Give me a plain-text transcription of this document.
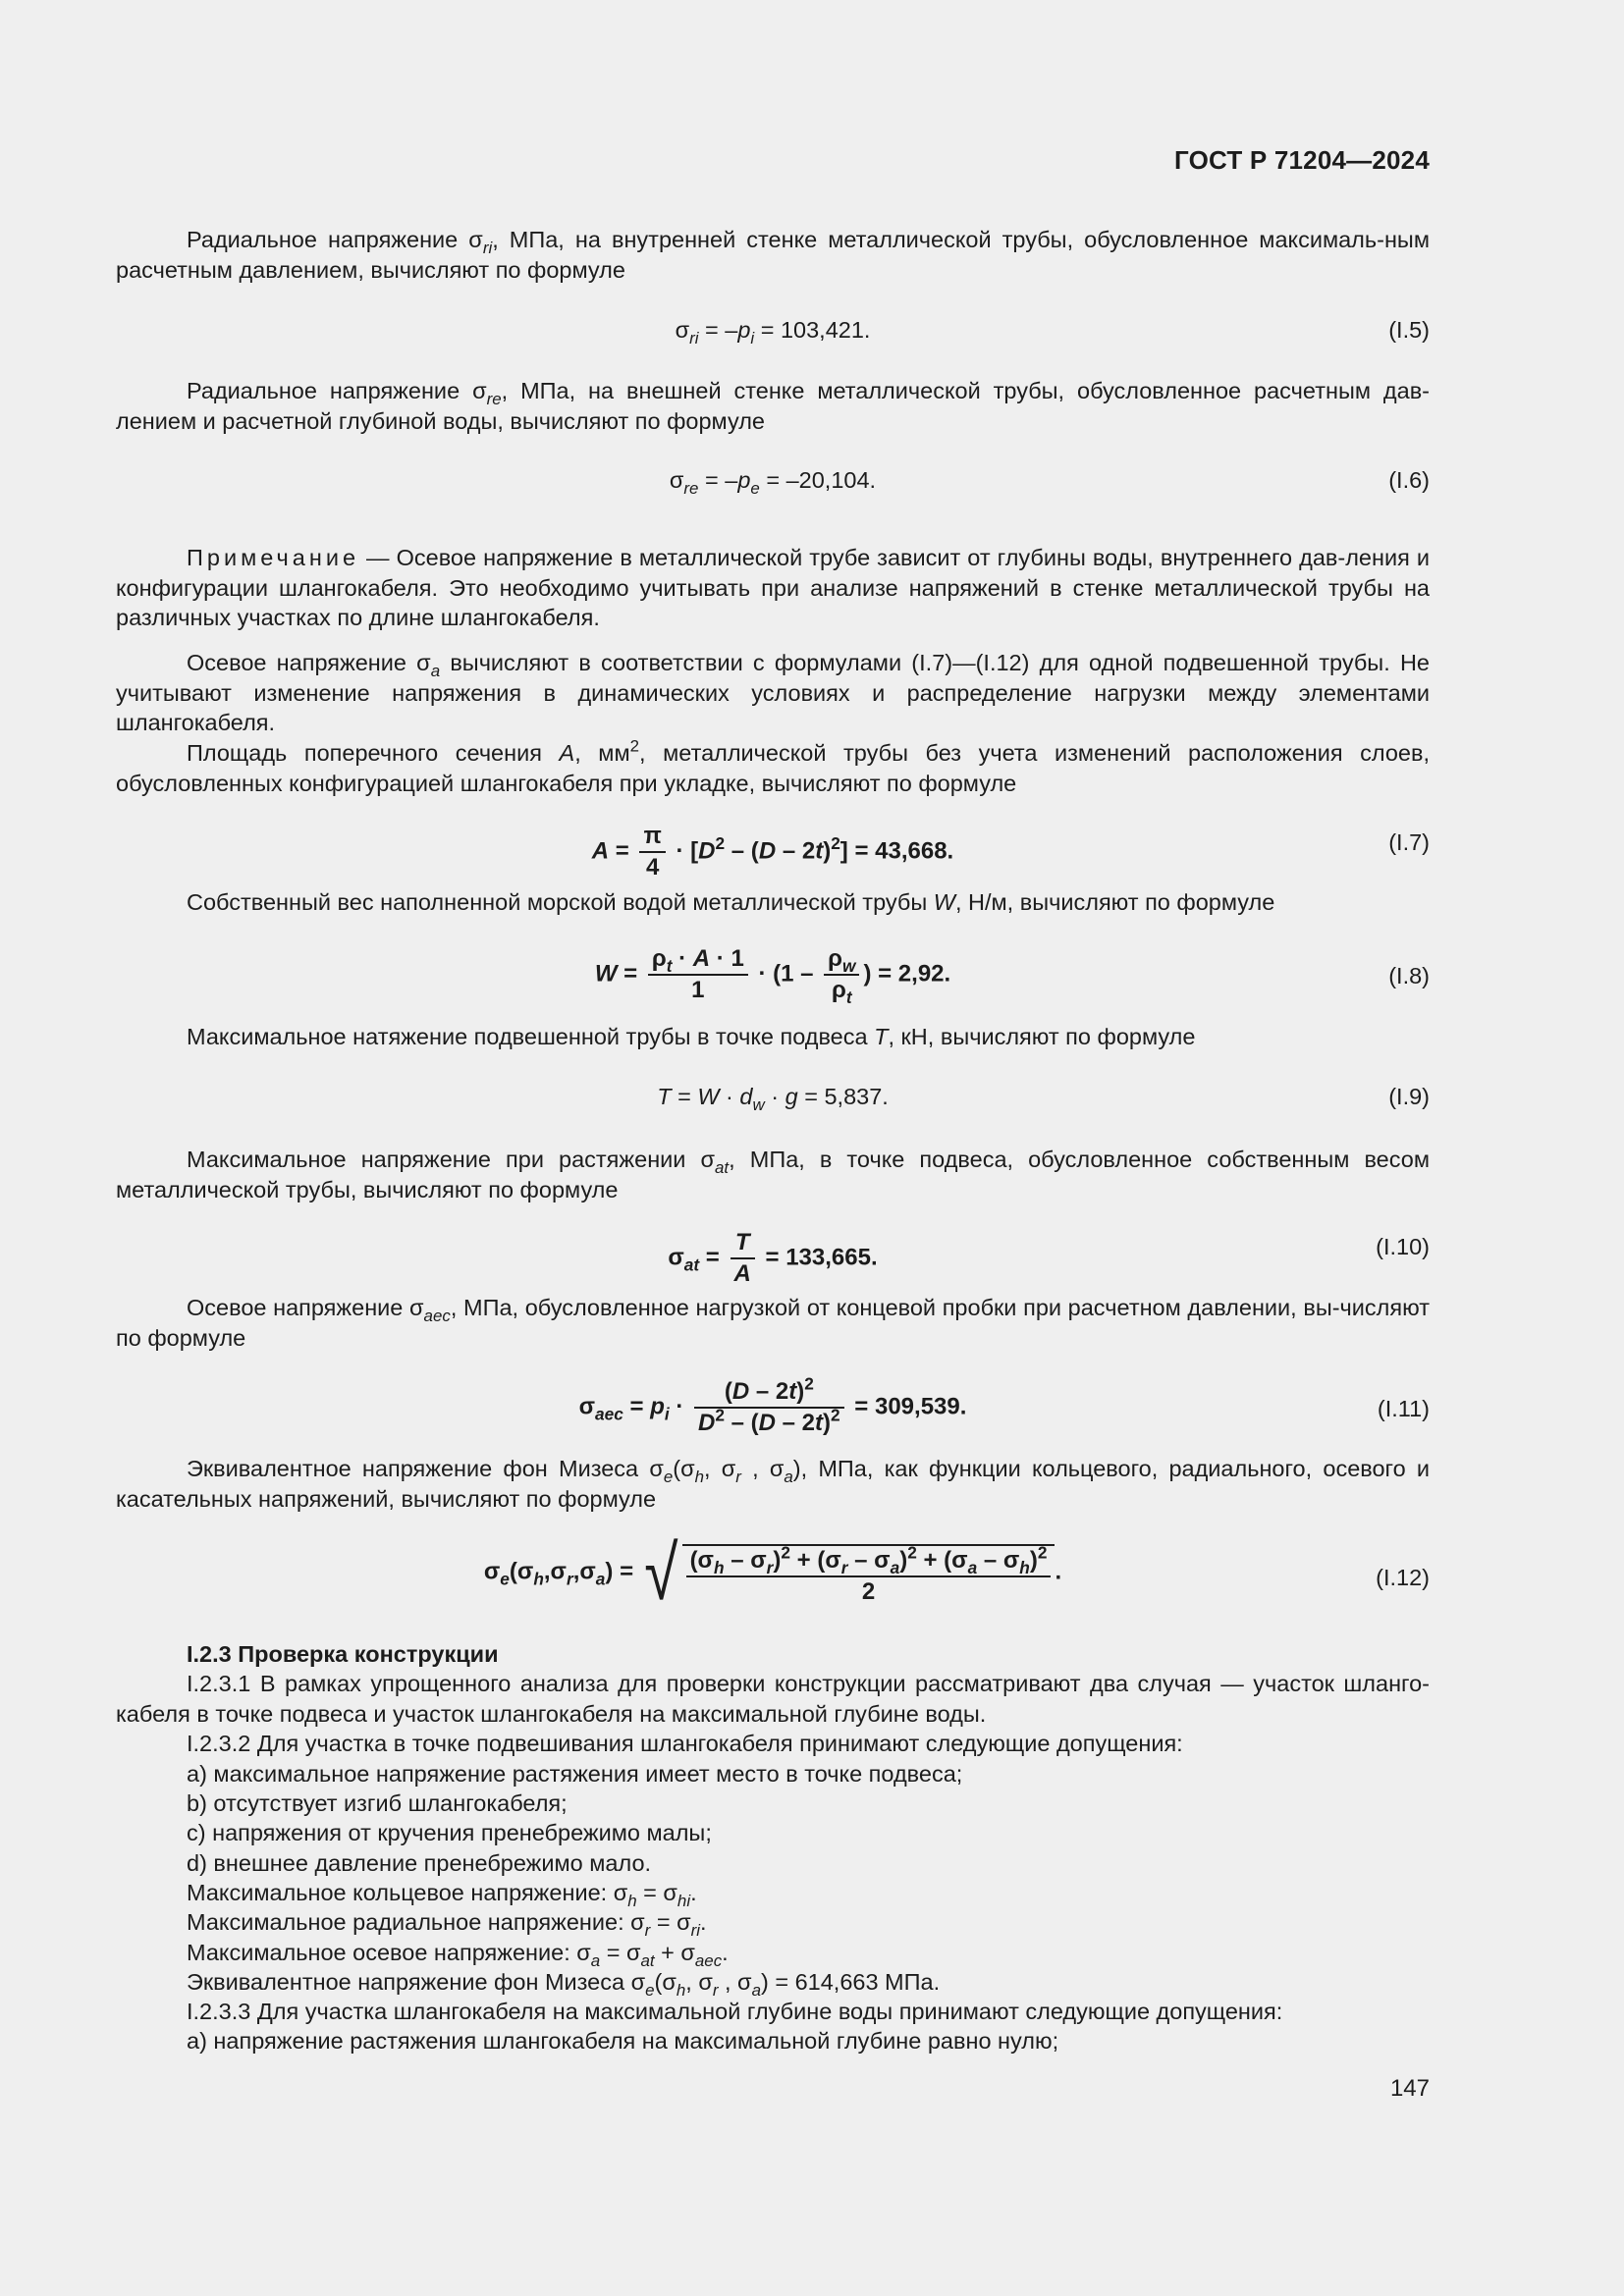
ГОСТ Р 71204—2024
Радиальное напряжение $\sigma_{ri}$, МПа, на внутренней стенке металлической трубы, обусловленное максималь-ным расчетным давлением, вычисляют по формуле
$\sigma_{ri} = -p_i = 103,421$.	(I.5)
Радиальное напряжение $\sigma_{re}$, МПа, на внешней стенке металлической трубы, обусловленное расчетным дав-лением и расчетной глубиной воды, вычисляют по формуле
$\sigma_{re} = -p_e = -20,104$.	(I.6)
Примечание — Осевое напряжение в металлической трубе зависит от глубины воды, внутреннего дав-ления и конфигурации шлангокабеля. Это необходимо учитывать при анализе напряжений в стенке металлической трубы на различных участках по длине шлангокабеля.
Осевое напряжение $\sigma_a$ вычисляют в соответствии с формулами (I.7)—(I.12) для одной подвешенной трубы. Не учитывают изменение напряжения в динамических условиях и распределение нагрузки между элементами шлангокабеля.
Площадь поперечного сечения A, $мм^2$, металлической трубы без учета изменений расположения слоев, обусловленных конфигурацией шлангокабеля при укладке, вычисляют по формуле
$A = \frac{\pi}{4} \cdot [D^2 - (D - 2t)^2] = 43,668$.	(I.7)
Собственный вес наполненной морской водой металлической трубы W, Н/м, вычисляют по формуле
$W = \frac{\rho_t \cdot A \cdot 1}{1} \cdot (1 - \frac{\rho_w}{\rho_t}$ ) = 2,92.	(I.8)
Максимальное натяжение подвешенной трубы в точке подвеса T, кН, вычисляют по формуле
$T = W \cdot d_w \cdot g = 5,837$.	(I.9)
Максимальное напряжение при растяжении $\sigma_{at}$, МПа, в точке подвеса, обусловленное собственным весом металлической трубы, вычисляют по формуле
$\sigma_{at} = \frac{T}{A} = 133,665$.	(I.10)
Осевое напряжение $\sigma_{aec}$, МПа, обусловленное нагрузкой от концевой пробки при расчетном давлении, вы-числяют по формуле
$\sigma_{aec} = p_i \cdot \frac{(D - 2t)^2}{D^2 - (D - 2t)^2} = 309,539$.	(I.11)
Эквивалентное напряжение фон Мизеса $\sigma_e(\sigma_h$, $\sigma_r$ , $\sigma_a$), МПа, как функции кольцевого, радиального, осевого и касательных напряжений, вычисляют по формуле
$\sigma_e(\sigma_h,\sigma_r,\sigma_a)$ = √ $\frac{(\sigma_h - \sigma_r)^2 + (\sigma_r - \sigma_a)^2 + (\sigma_a - \sigma_h)^2}{2}$ .	(I.12)
I.2.3 Проверка конструкции
I.2.3.1 В рамках упрощенного анализа для проверки конструкции рассматривают два случая — участок шланго-кабеля в точке подвеса и участок шлангокабеля на максимальной глубине воды.
I.2.3.2 Для участка в точке подвешивания шлангокабеля принимают следующие допущения:
a) максимальное напряжение растяжения имеет место в точке подвеса;
b) отсутствует изгиб шлангокабеля;
c) напряжения от кручения пренебрежимо малы;
d) внешнее давление пренебрежимо мало.
Максимальное кольцевое напряжение: $\sigma_h = \sigma_{hi}$.
Максимальное радиальное напряжение: $\sigma_r = \sigma_{ri}$.
Максимальное осевое напряжение: $\sigma_a = \sigma_{at} + \sigma_{aec}$.
Эквивалентное напряжение фон Мизеса $\sigma_e(\sigma_h$, $\sigma_r$ , $\sigma_a) = 614,663$ МПа.
I.2.3.3 Для участка шлангокабеля на максимальной глубине воды принимают следующие допущения:
a) напряжение растяжения шлангокабеля на максимальной глубине равно нулю;
147
